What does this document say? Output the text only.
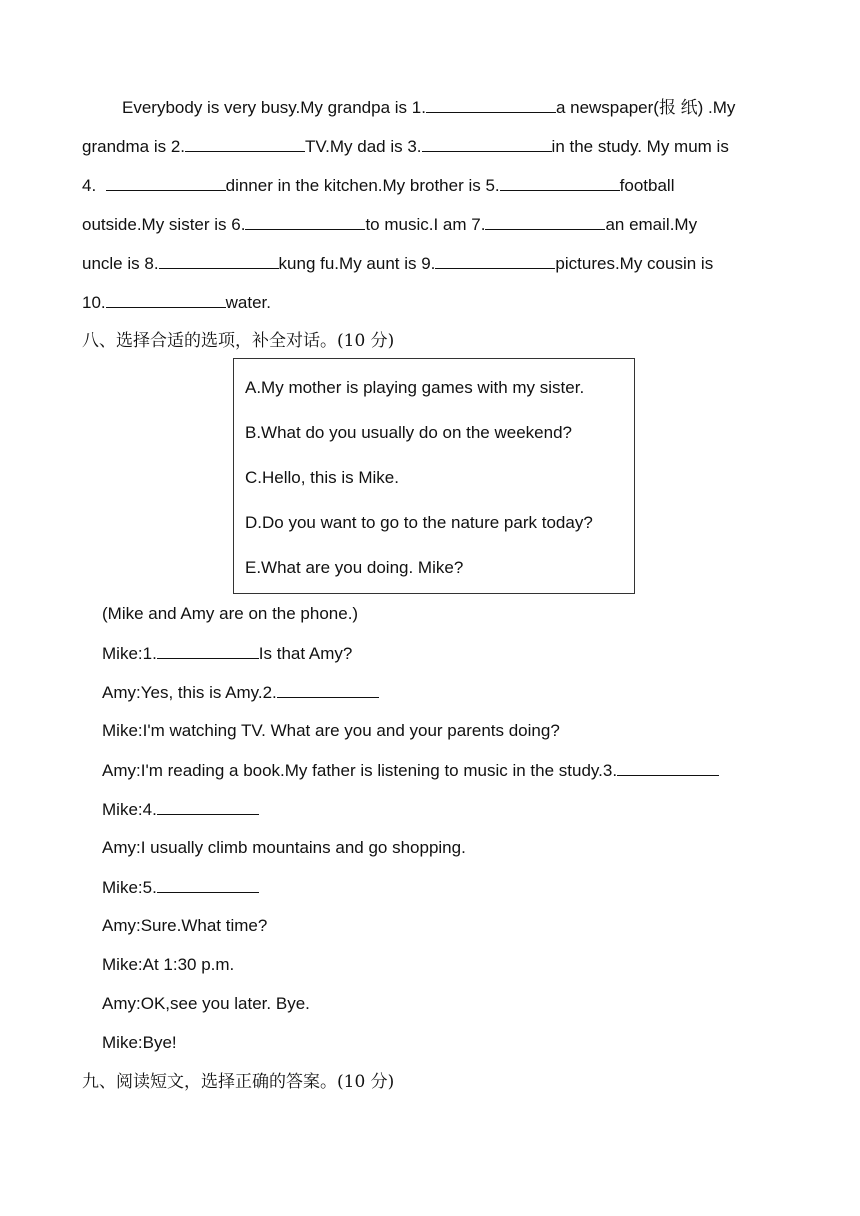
Everybody is very busy.My grandpa is 1.	a newspaper(报 纸) .My
grandma is 2.	TV.My dad is 3.	in the study. My mum is
4.	dinner in the kitchen.My brother is 5.	football
outside.My sister is 6.	to music.I am 7.	an email.My
uncle is 8.	kung fu.My aunt is 9.	pictures.My cousin is
10.	water.
八、选择合适的选项，补全对话。(10 分)
A.My mother is playing games with my sister.
B.What do you usually do on the weekend?
C.Hello, this is Mike.
D.Do you want to go to the nature park today?
E.What are you doing. Mike?
(Mike and Amy are on the phone.)
Mike:1.	Is that Amy?
Amy:Yes, this is Amy.2.
Mike:I'm watching TV. What are you and your parents doing?
Amy:I'm reading a book.My father is listening to music in the study.3.
Mike:4.
Amy:I usually climb mountains and go shopping.
Mike:5.
Amy:Sure.What time?
Mike:At 1:30 p.m.
Amy:OK,see you later. Bye.
Mike:Bye!
九、阅读短文，选择正确的答案。(10 分)
